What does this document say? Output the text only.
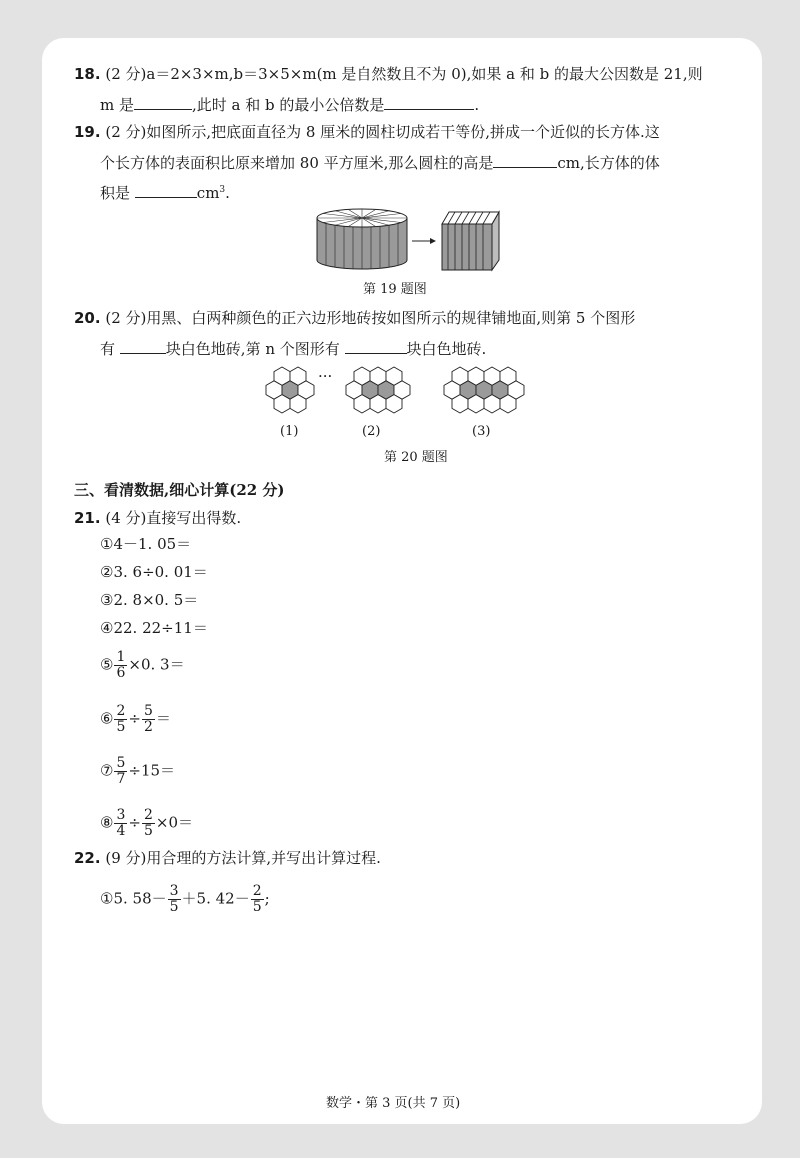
18. (2 分)a＝2×3×m,b＝3×5×m(m 是自然数且不为 0),如果 a 和 b 的最大公因数是 21,则
m 是	,此时 a 和 b 的最小公倍数是	.
19. (2 分)如图所示,把底面直径为 8 厘米的圆柱切成若干等份,拼成一个近似的长方体.这
个长方体的表面积比原来增加 80 平方厘米,那么圆柱的高是	cm,长方体的体
积是	$cm^3$.
第 19 题图
20. (2 分)用黑、白两种颜色的正六边形地砖按如图所示的规律铺地面,则第 5 个图形
有	块白色地砖,第 n 个图形有	块白色地砖.
···
(1)	(2)	(3)
第 20 题图
三、看清数据,细心计算(22 分)
21. (4 分)直接写出得数.
①4－1. 05＝
②3. 6÷0. 01＝
③2. 8×0. 5＝
④22. 22÷11＝
⑤ $\frac{1}{6} \times 0$. 3＝
⑥ $\frac{2}{5} \div \frac{5}{2}$ ＝
⑦ $\frac{5}{7} \div 15=$
⑧ $\frac{3}{4} \div \frac{2}{5} \times 0=$
22. (9 分)用合理的方法计算,并写出计算过程.
①5. $58- \frac{3}{5} +5$. $42- \frac{2}{5}$ ;
数学・第 3 页(共 7 页)
